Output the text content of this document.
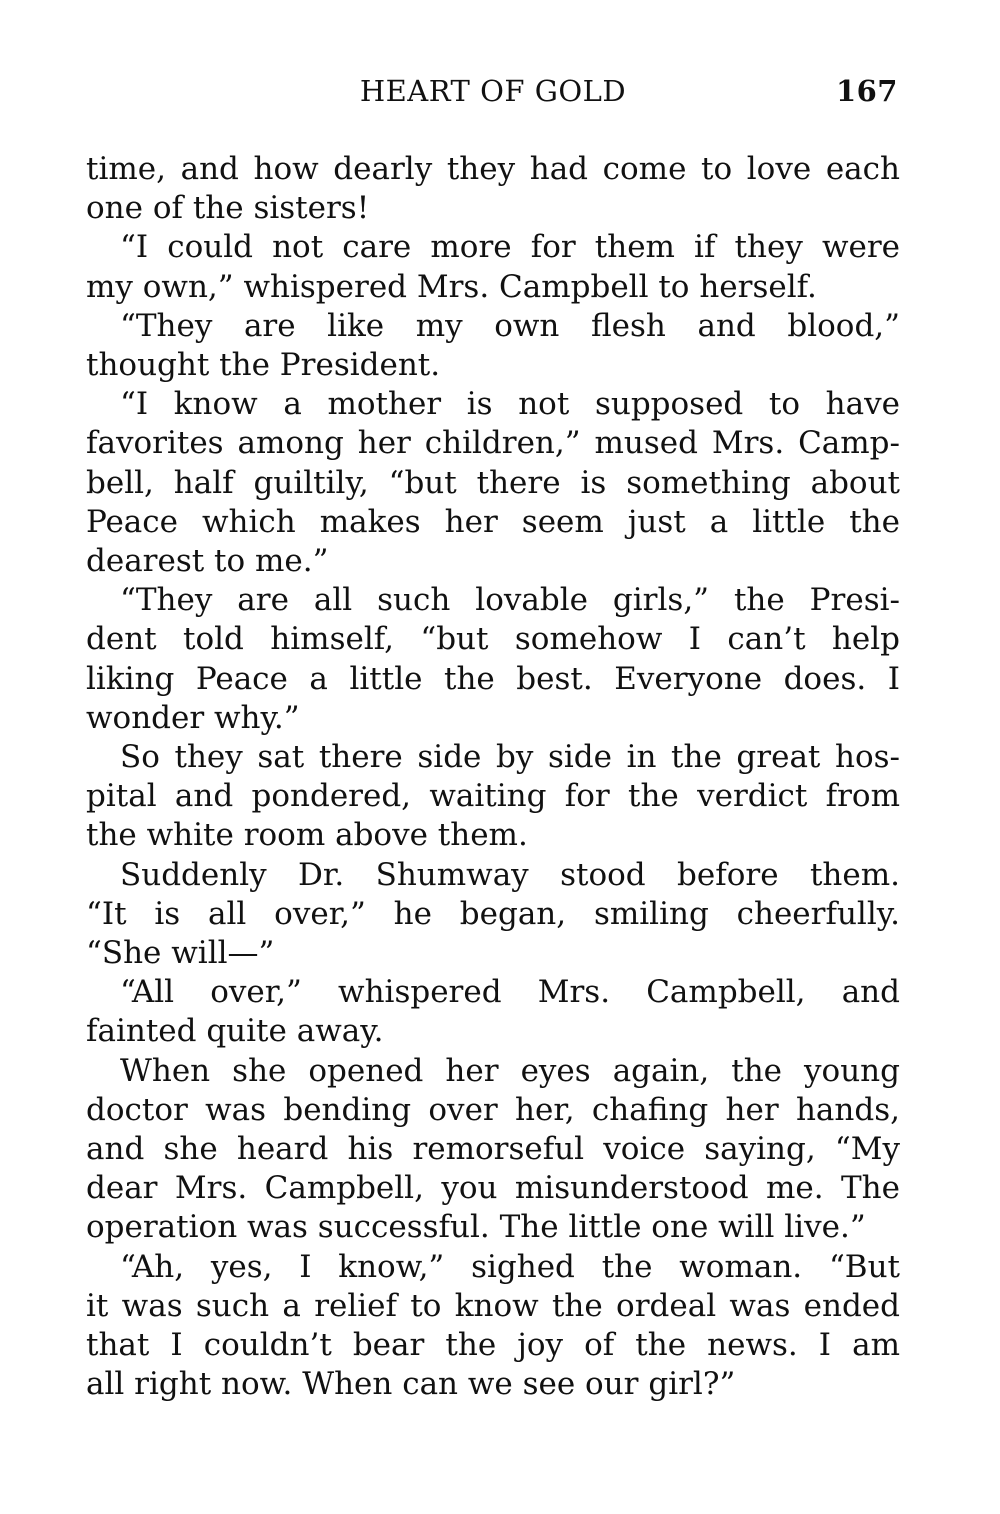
HEART OF GOLD	167

time, and how dearly they had come to love each
one of the sisters!

“I could not care more for them if they were
my own,” whispered Mrs. Campbell to herself.

“They are like my own flesh and blood,”
thought the President.

“I know a mother is not supposed to have
favorites among her children,” mused Mrs. Camp-
bell, half guiltily, “but there is something about
Peace which makes her seem just a little the
dearest to me.”

“They are all such lovable girls,” the Presi-
dent told himself, “but somehow I can’t help
liking Peace a little the best. Everyone does. I
wonder why.”

So they sat there side by side in the great hos-
pital and pondered, waiting for the verdict from
the white room above them.

Suddenly Dr. Shumway stood before them.
“It is all over,” he began, smiling cheerfully.
“She will—”

“All over,” whispered Mrs. Campbell, and
fainted quite away.

When she opened her eyes again, the young
doctor was bending over her, chafing her hands,
and she heard his remorseful voice saying, “My
dear Mrs. Campbell, you misunderstood me. The
operation was successful. The little one will live.”

“Ah, yes, I know,” sighed the woman. “But
it was such a relief to know the ordeal was ended
that I couldn’t bear the joy of the news. I am
all right now. When can we see our girl?”
